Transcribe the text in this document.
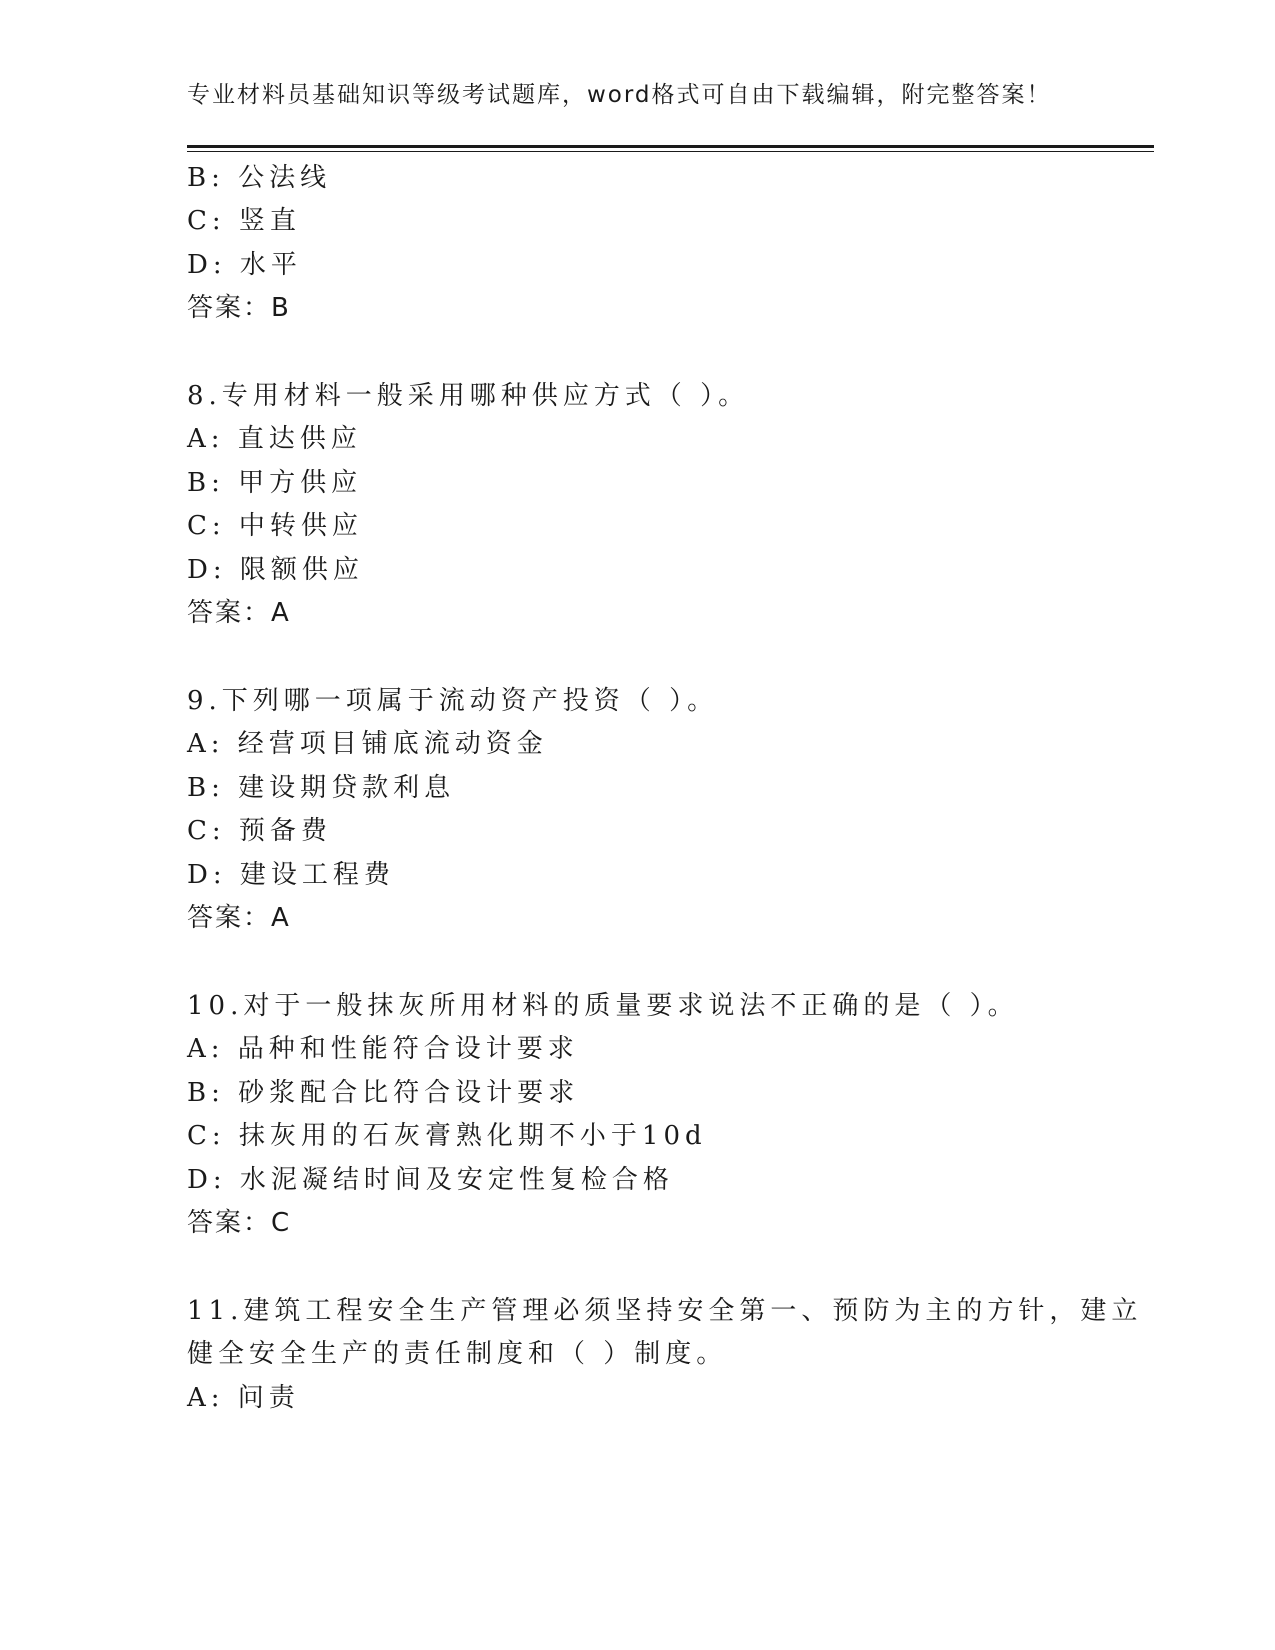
专业材料员基础知识等级考试题库，word格式可自由下载编辑，附完整答案！
B: 公法线
C: 竖直
D: 水平
答案：B
8.专用材料一般采用哪种供应方式（ ）。
A: 直达供应
B: 甲方供应
C: 中转供应
D: 限额供应
答案：A
9.下列哪一项属于流动资产投资（ ）。
A: 经营项目铺底流动资金
B: 建设期贷款利息
C: 预备费
D: 建设工程费
答案：A
10.对于一般抹灰所用材料的质量要求说法不正确的是（ ）。
A: 品种和性能符合设计要求
B: 砂浆配合比符合设计要求
C: 抹灰用的石灰膏熟化期不小于10d
D: 水泥凝结时间及安定性复检合格
答案：C
11.建筑工程安全生产管理必须坚持安全第一、预防为主的方针，建立
健全安全生产的责任制度和（ ）制度。
A: 问责
